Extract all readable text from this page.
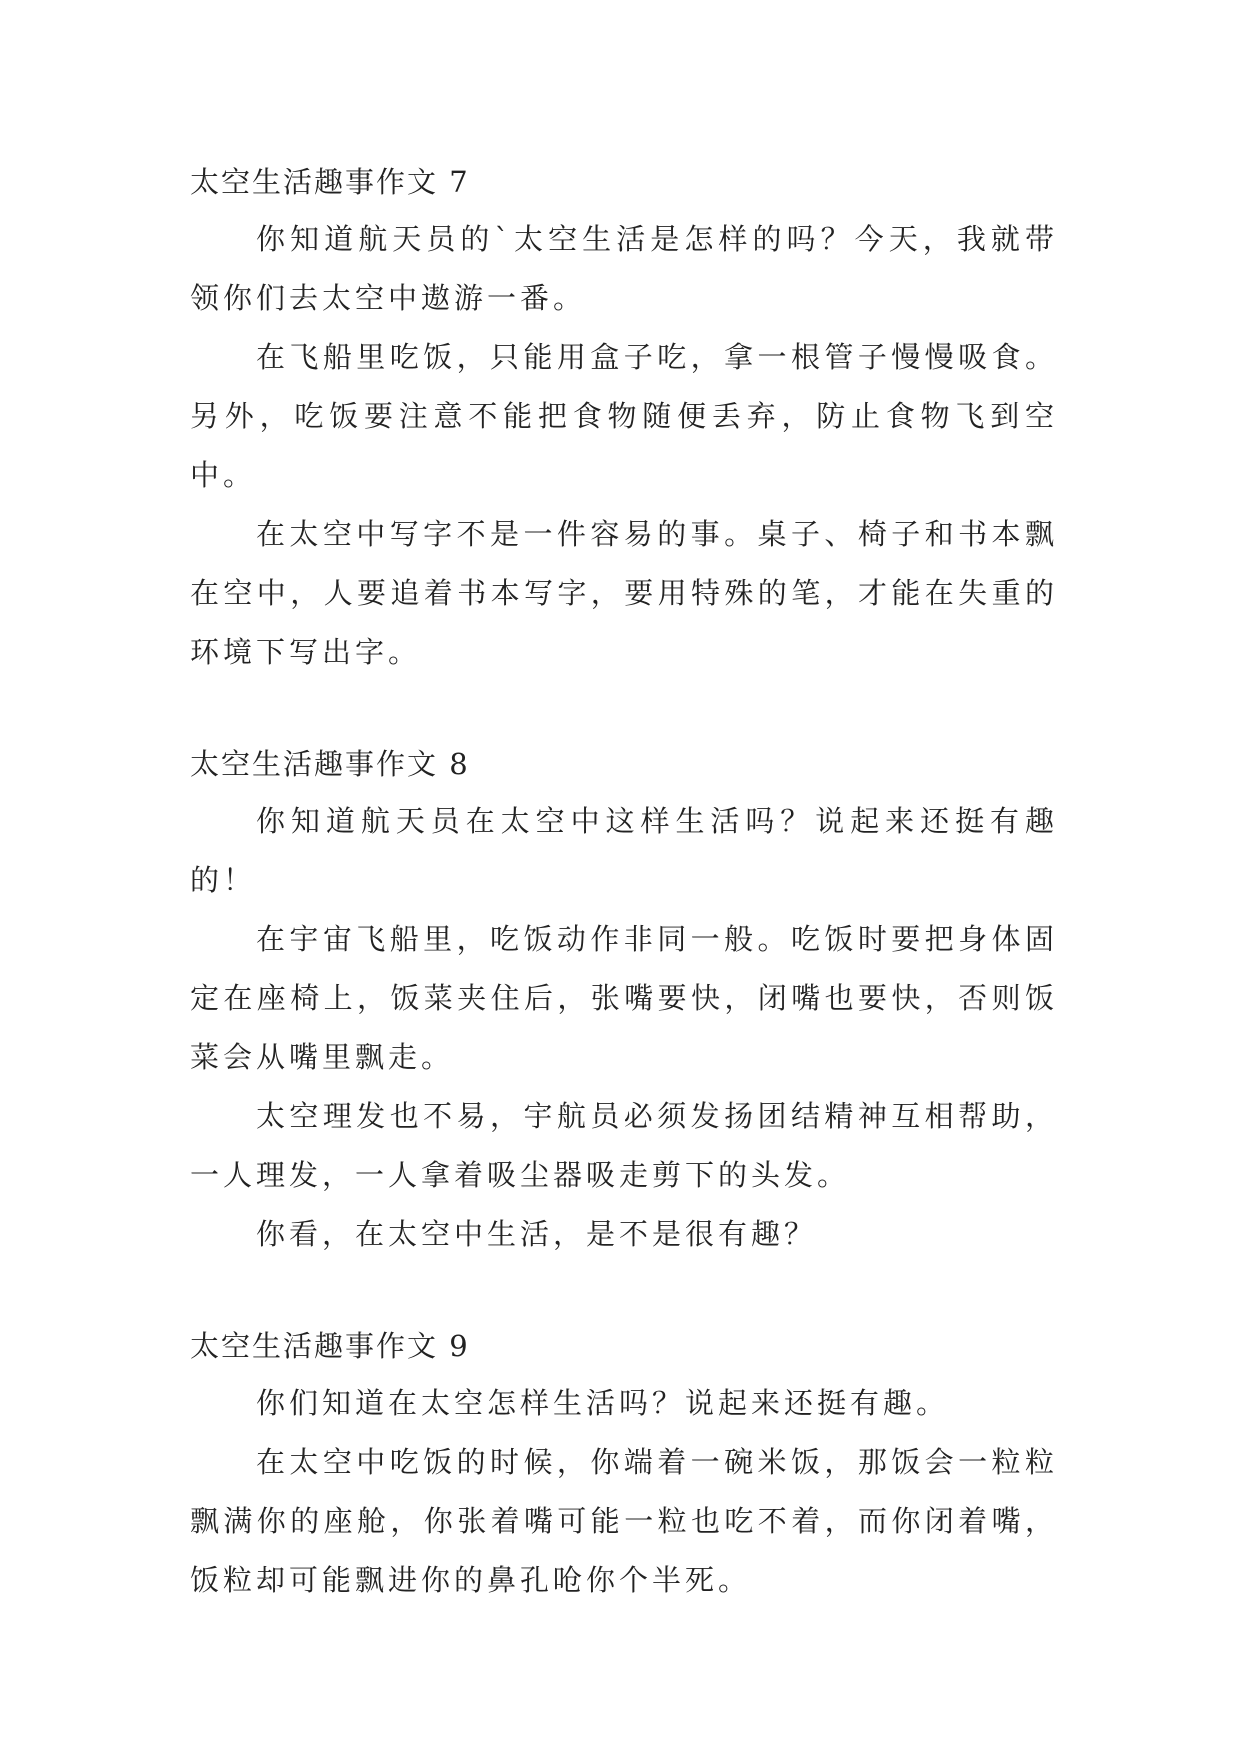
太空生活趣事作文 7

你知道航天员的`太空生活是怎样的吗？今天，我就带领你们去太空中遨游一番。

在飞船里吃饭，只能用盒子吃，拿一根管子慢慢吸食。另外，吃饭要注意不能把食物随便丢弃，防止食物飞到空中。

在太空中写字不是一件容易的事。桌子、椅子和书本飘在空中，人要追着书本写字，要用特殊的笔，才能在失重的环境下写出字。

太空生活趣事作文 8

你知道航天员在太空中这样生活吗？说起来还挺有趣的！

在宇宙飞船里，吃饭动作非同一般。吃饭时要把身体固定在座椅上，饭菜夹住后，张嘴要快，闭嘴也要快，否则饭菜会从嘴里飘走。

太空理发也不易，宇航员必须发扬团结精神互相帮助，一人理发，一人拿着吸尘器吸走剪下的头发。

你看，在太空中生活，是不是很有趣？

太空生活趣事作文 9

你们知道在太空怎样生活吗？说起来还挺有趣。

在太空中吃饭的时候，你端着一碗米饭，那饭会一粒粒飘满你的座舱，你张着嘴可能一粒也吃不着，而你闭着嘴，饭粒却可能飘进你的鼻孔呛你个半死。
